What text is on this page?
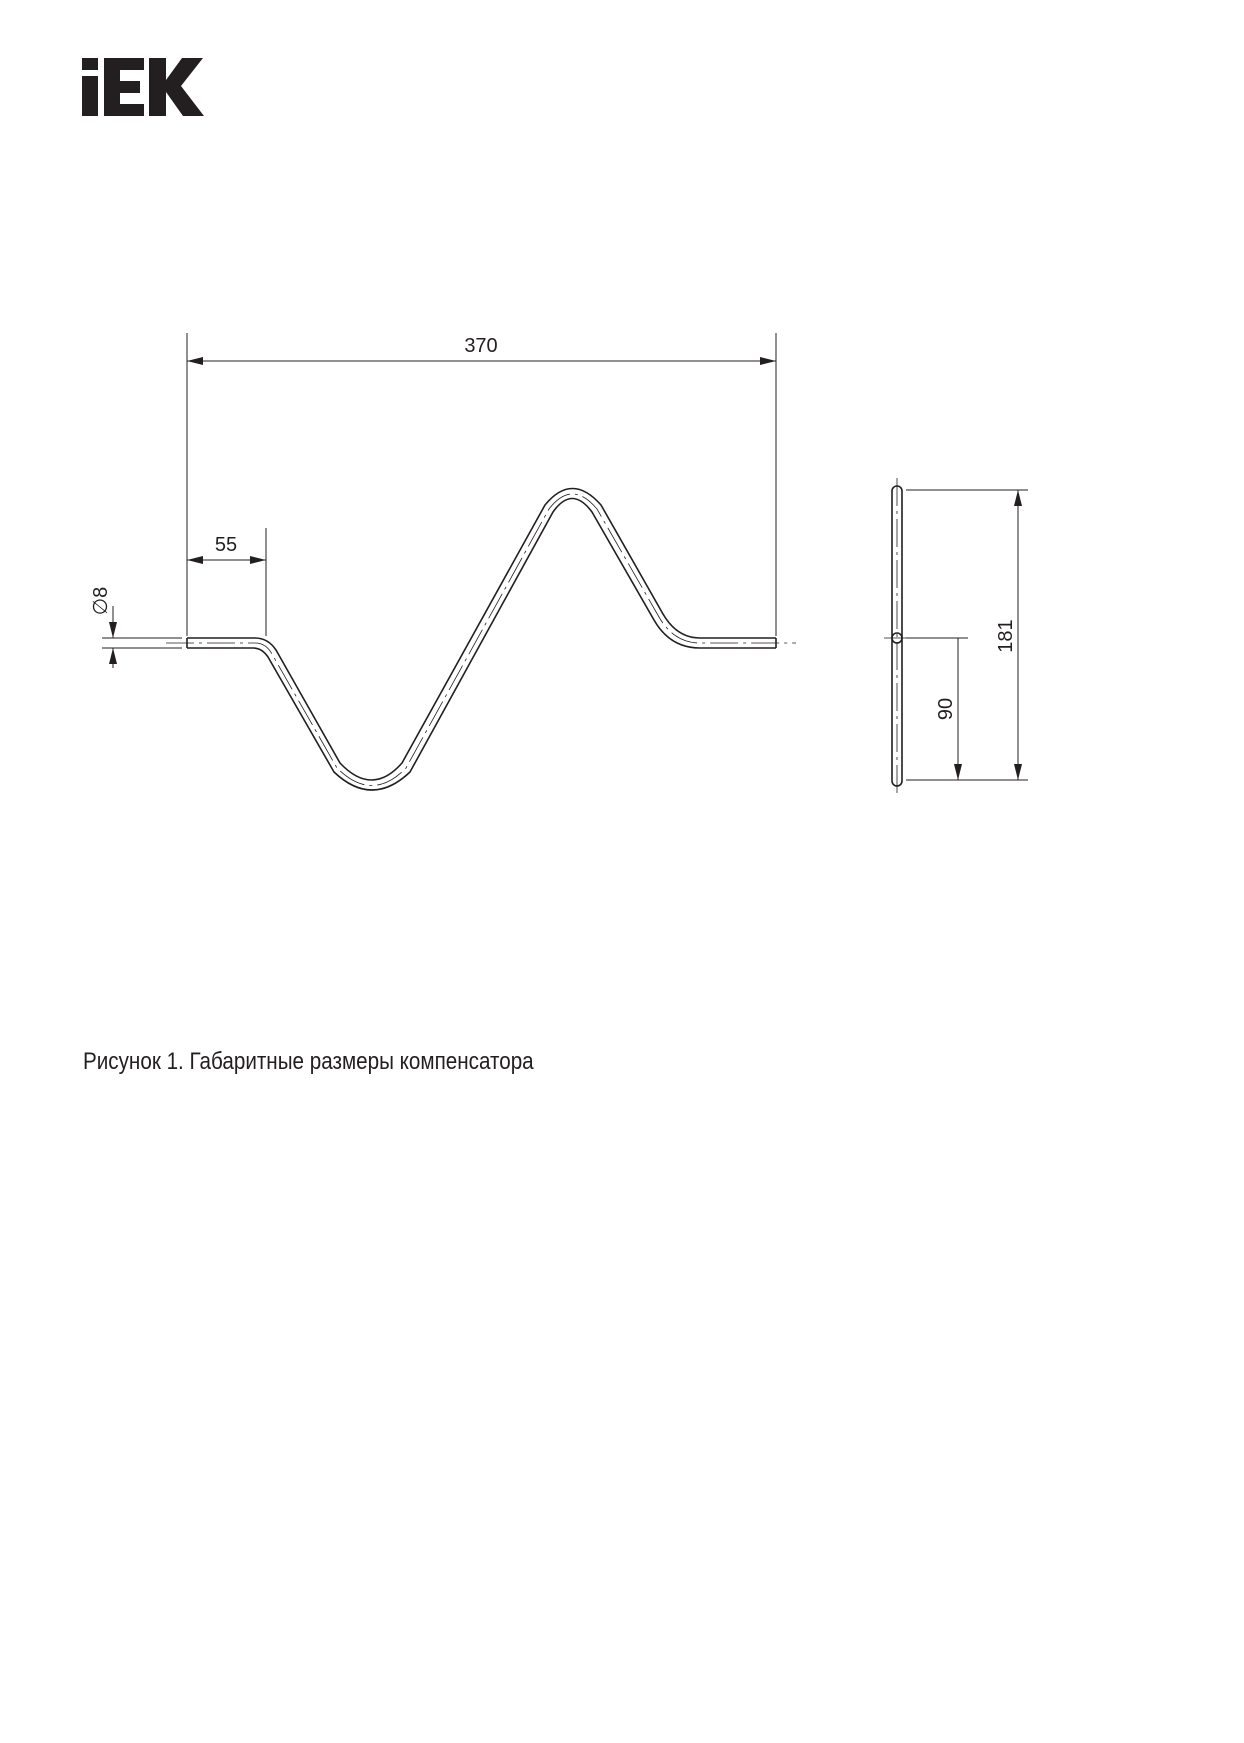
370
55
∅8
181
90
Рисунок 1. Габаритные размеры компенсатора
